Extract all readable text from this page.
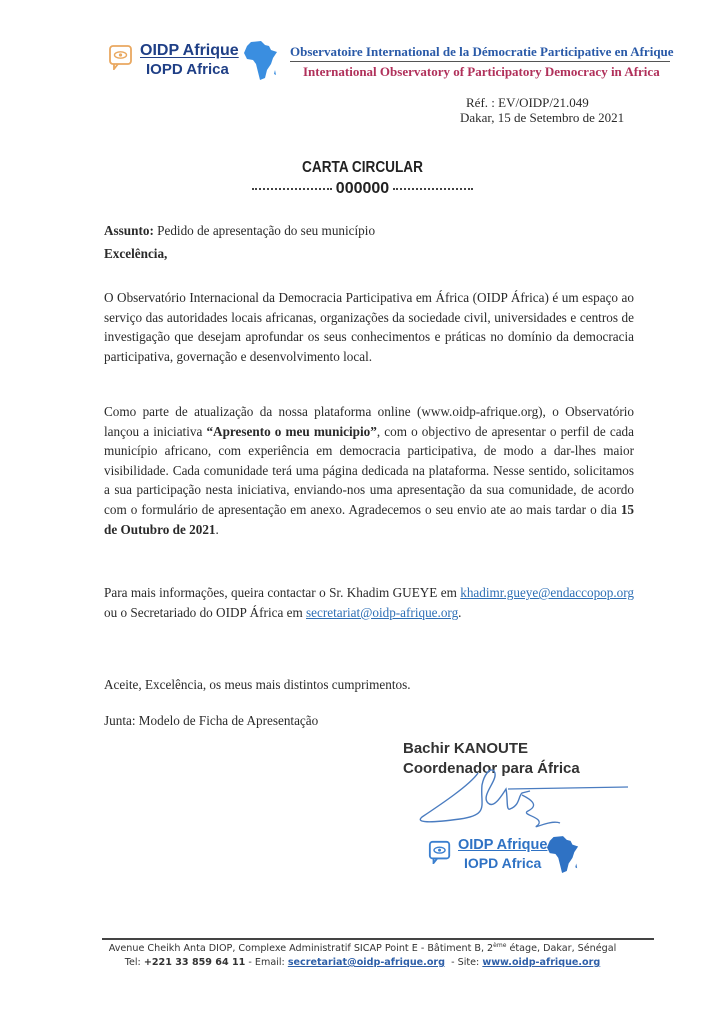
OIDP Afrique
IOPD Africa
Observatoire International de la Démocratie Participative en Afrique
International Observatory of Participatory Democracy in Africa
Réf. : EV/OIDP/21.049
Dakar, 15 de Setembro de 2021
CARTA CIRCULAR
000000
Assunto: Pedido de apresentação do seu município
Excelência,
O Observatório Internacional da Democracia Participativa em África (OIDP África) é um espaço ao serviço das autoridades locais africanas, organizações da sociedade civil, universidades e centros de investigação que desejam aprofundar os seus conhecimentos e práticas no domínio da democracia participativa, governação e desenvolvimento local.
Como parte de atualização da nossa plataforma online (www.oidp-afrique.org), o Observatório lançou a iniciativa “Apresento o meu municipio”, com o objectivo de apresentar o perfil de cada município africano, com experiência em democracia participativa, de modo a dar-lhes maior visibilidade. Cada comunidade terá uma página dedicada na plataforma. Nesse sentido, solicitamos a sua participação nesta iniciativa, enviando-nos uma apresentação da sua comunidade, de acordo com o formulário de apresentação em anexo. Agradecemos o seu envio ate ao mais tardar o dia 15 de Outubro de 2021.
Para mais informações, queira contactar o Sr. Khadim GUEYE em khadimr.gueye@endaccopop.org ou o Secretariado do OIDP África em secretariat@oidp-afrique.org.
Aceite, Excelência, os meus mais distintos cumprimentos.
Junta: Modelo de Ficha de Apresentação
Bachir KANOUTE
Coordenador para África
OIDP Afrique
IOPD Africa
Avenue Cheikh Anta DIOP, Complexe Administratif SICAP Point E - Bâtiment B, 2ème étage, Dakar, Sénégal
Tel: +221 33 859 64 11 - Email: secretariat@oidp-afrique.org  - Site: www.oidp-afrique.org
